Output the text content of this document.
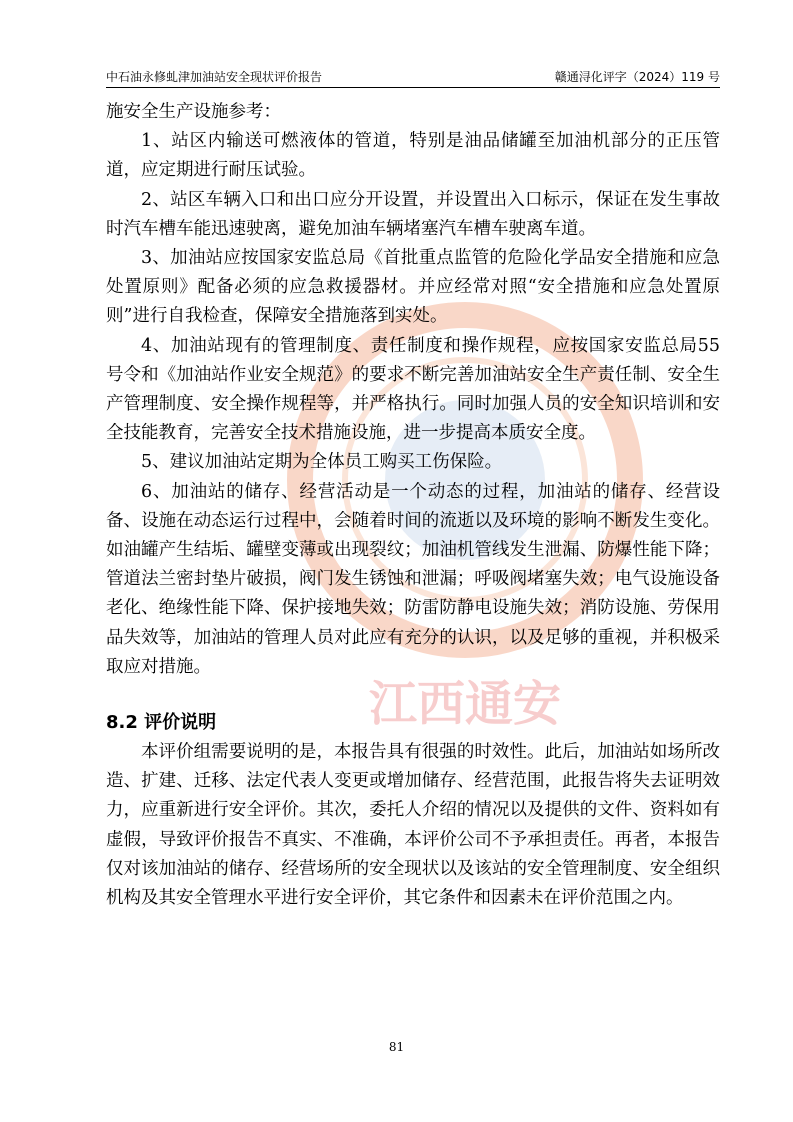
中石油永修虬津加油站安全现状评价报告	赣通浔化评字（2024）119 号
江西通安

施安全生产设施参考：

1、站区内输送可燃液体的管道，特别是油品储罐至加油机部分的正压管道，应定期进行耐压试验。

2、站区车辆入口和出口应分开设置，并设置出入口标示，保证在发生事故时汽车槽车能迅速驶离，避免加油车辆堵塞汽车槽车驶离车道。

3、加油站应按国家安监总局《首批重点监管的危险化学品安全措施和应急处置原则》配备必须的应急救援器材。并应经常对照“安全措施和应急处置原则”进行自我检查，保障安全措施落到实处。

4、加油站现有的管理制度、责任制度和操作规程，应按国家安监总局55 号令和《加油站作业安全规范》的要求不断完善加油站安全生产责任制、安全生产管理制度、安全操作规程等，并严格执行。同时加强人员的安全知识培训和安全技能教育，完善安全技术措施设施，进一步提高本质安全度。

5、建议加油站定期为全体员工购买工伤保险。

6、加油站的储存、经营活动是一个动态的过程，加油站的储存、经营设备、设施在动态运行过程中，会随着时间的流逝以及环境的影响不断发生变化。如油罐产生结垢、罐壁变薄或出现裂纹；加油机管线发生泄漏、防爆性能下降；管道法兰密封垫片破损，阀门发生锈蚀和泄漏；呼吸阀堵塞失效；电气设施设备老化、绝缘性能下降、保护接地失效；防雷防静电设施失效；消防设施、劳保用品失效等，加油站的管理人员对此应有充分的认识，以及足够的重视，并积极采取应对措施。

8.2 评价说明

本评价组需要说明的是，本报告具有很强的时效性。此后，加油站如场所改造、扩建、迁移、法定代表人变更或增加储存、经营范围，此报告将失去证明效力，应重新进行安全评价。其次，委托人介绍的情况以及提供的文件、资料如有虚假，导致评价报告不真实、不准确，本评价公司不予承担责任。再者，本报告仅对该加油站的储存、经营场所的安全现状以及该站的安全管理制度、安全组织机构及其安全管理水平进行安全评价，其它条件和因素未在评价范围之内。

81
